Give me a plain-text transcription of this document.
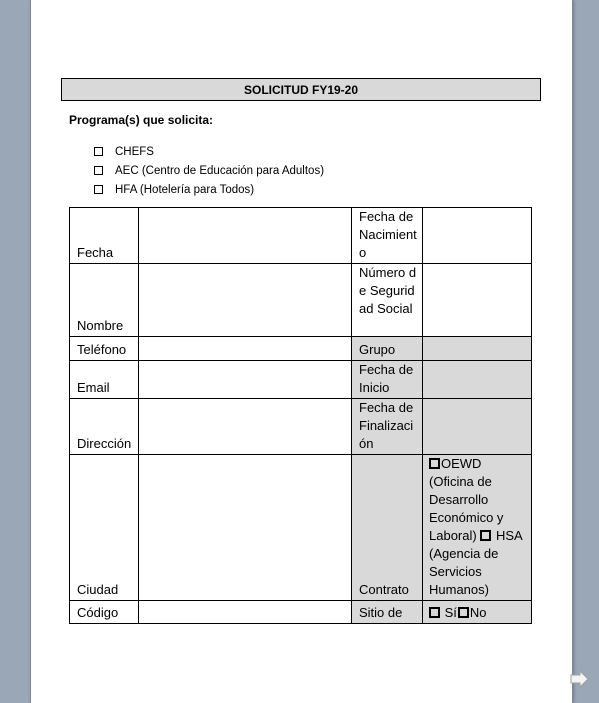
SOLICITUD FY19-20
Programa(s) que solicita:
CHEFS
AEC (Centro de Educación para Adultos)
HFA (Hotelería para Todos)
Fecha		Fecha de Nacimiento	
Nombre		Número de Seguridad Social	
Teléfono		Grupo	
Email		Fecha de Inicio	
Dirección		Fecha de Finalización	
Ciudad		Contrato	OEWD (Oficina de Desarrollo Económico y Laboral) HSA (Agencia de Servicios Humanos)
Código		Sitio de	Sí No
